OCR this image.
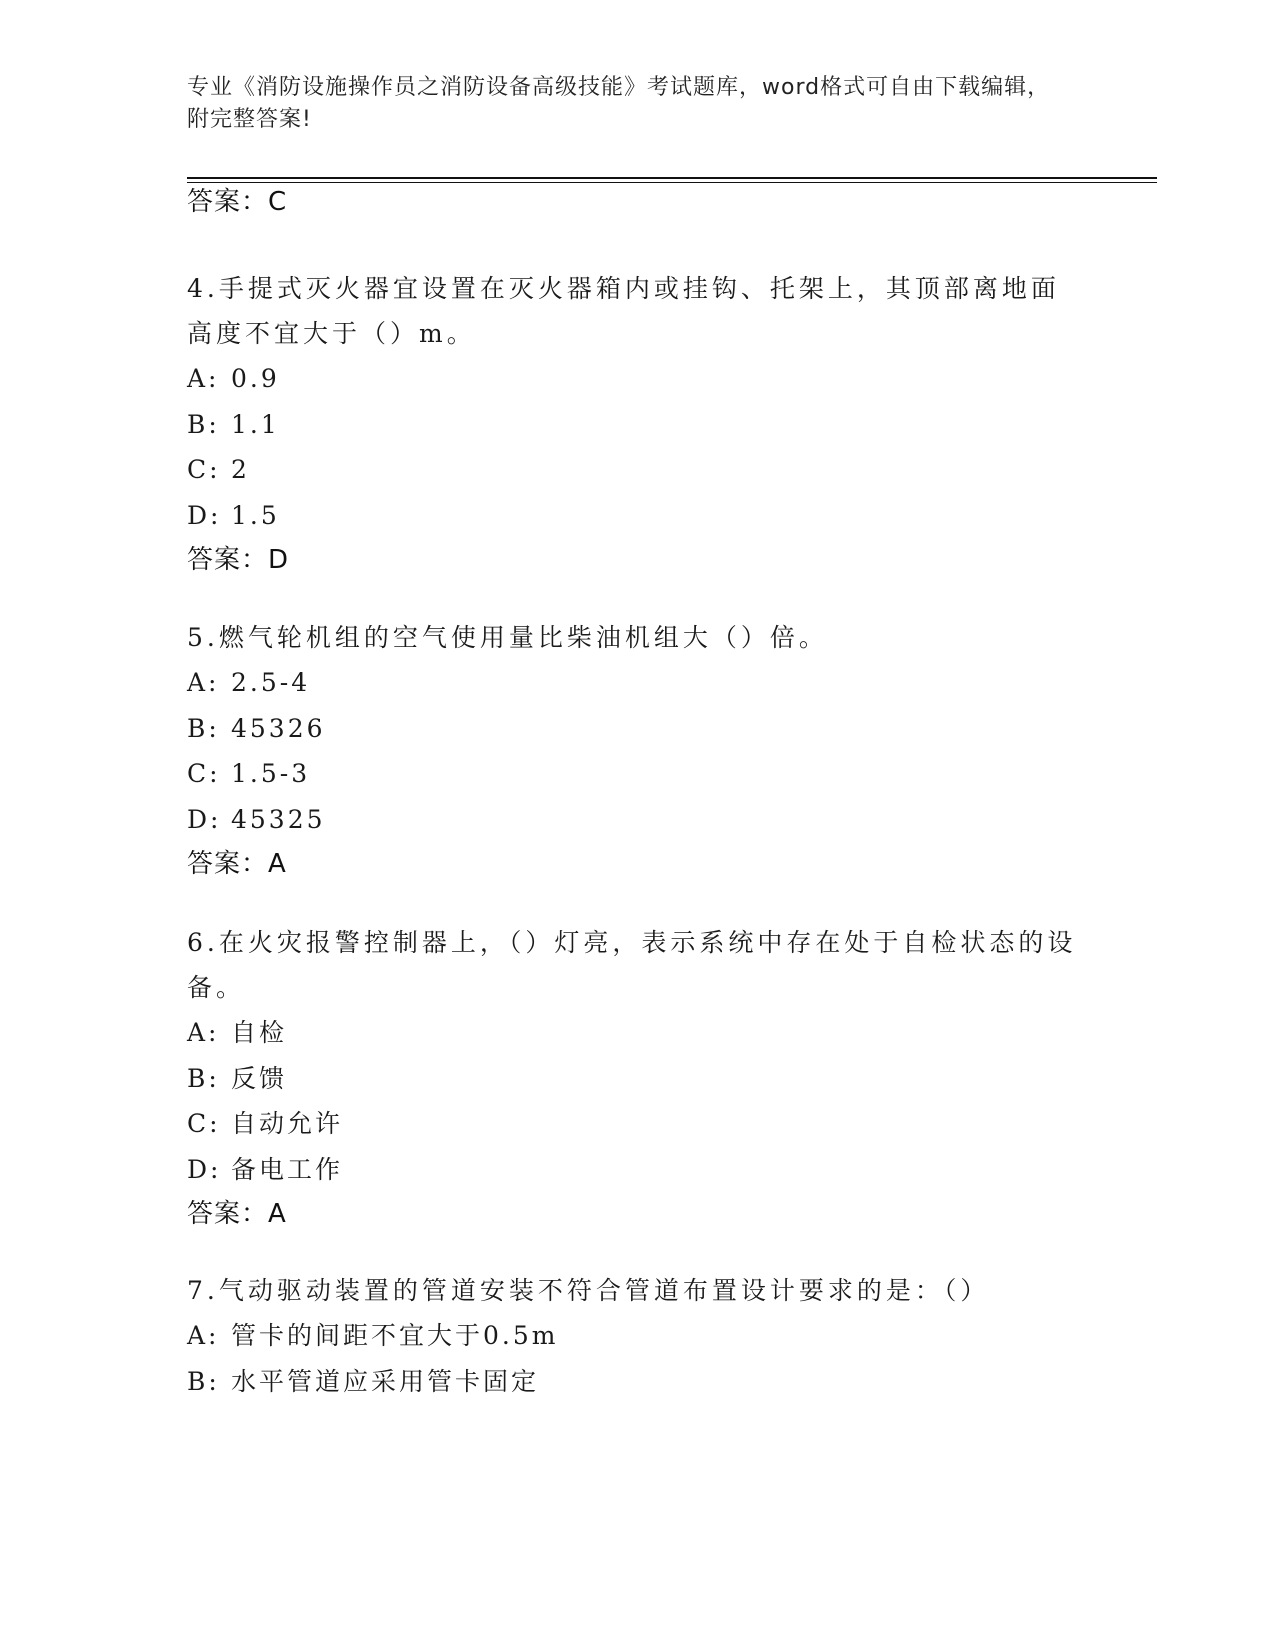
专业《消防设施操作员之消防设备高级技能》考试题库，word格式可自由下载编辑，附完整答案!
答案：C
4.手提式灭火器宜设置在灭火器箱内或挂钩、托架上，其顶部离地面高度不宜大于（）m。
A: 0.9
B: 1.1
C: 2
D: 1.5
答案：D
5.燃气轮机组的空气使用量比柴油机组大（）倍。
A: 2.5-4
B: 45326
C: 1.5-3
D: 45325
答案：A
6.在火灾报警控制器上，（）灯亮，表示系统中存在处于自检状态的设备。
A: 自检
B: 反馈
C: 自动允许
D: 备电工作
答案：A
7.气动驱动装置的管道安装不符合管道布置设计要求的是：（）
A: 管卡的间距不宜大于0.5m
B: 水平管道应采用管卡固定
